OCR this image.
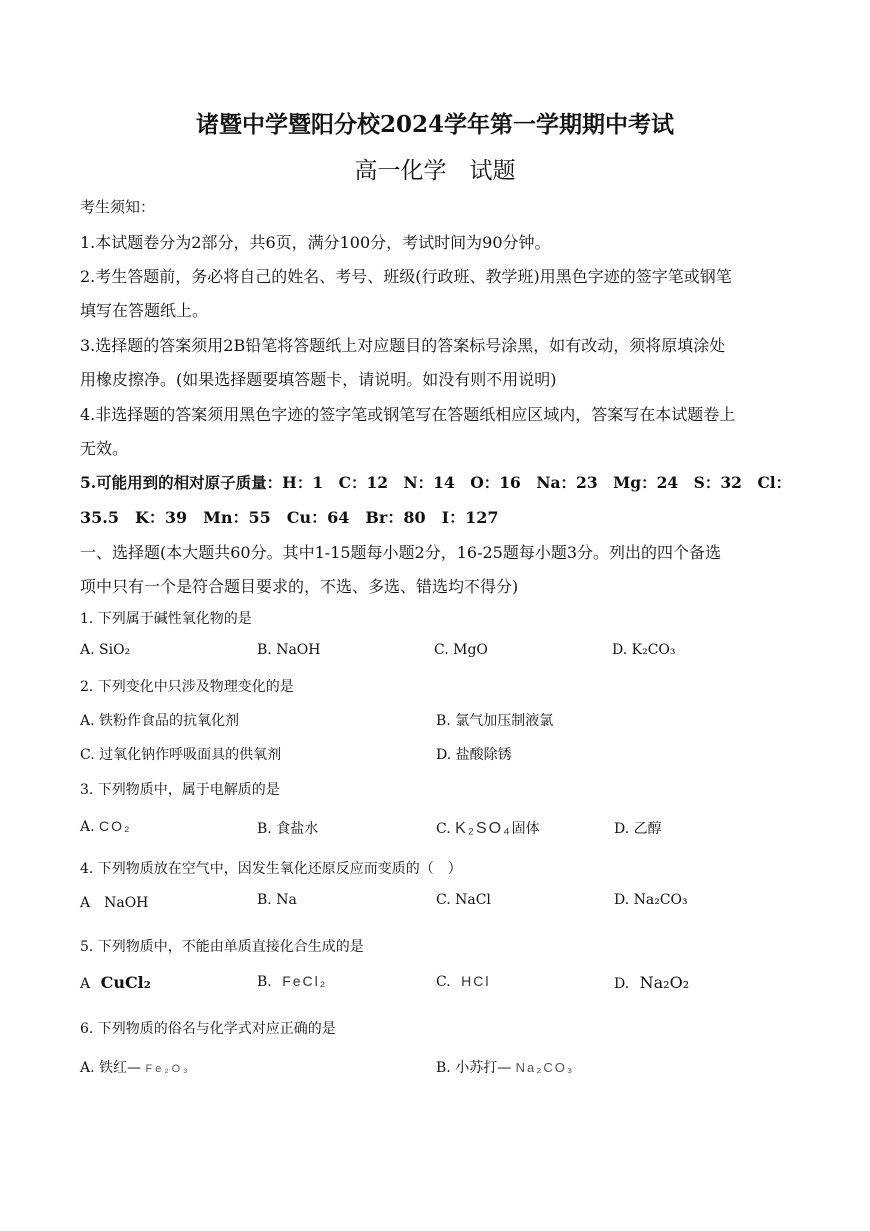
诸暨中学暨阳分校2024学年第一学期期中考试
高一化学　试题
考生须知：
1.本试题卷分为2部分，共6页，满分100分，考试时间为90分钟。
2.考生答题前，务必将自己的姓名、考号、班级(行政班、教学班)用黑色字迹的签字笔或钢笔
填写在答题纸上。
3.选择题的答案须用2B铅笔将答题纸上对应题目的答案标号涂黑，如有改动，须将原填涂处
用橡皮擦净。(如果选择题要填答题卡，请说明。如没有则不用说明)
4.非选择题的答案须用黑色字迹的签字笔或钢笔写在答题纸相应区域内，答案写在本试题卷上
无效。
5.可能用到的相对原子质量：H：1　C：12　N：14　O：16　Na：23　Mg：24　S：32　Cl：
35.5　K：39　Mn：55　Cu：64　Br：80　I：127
一、选择题(本大题共60分。其中1-15题每小题2分，16-25题每小题3分。列出的四个备选
项中只有一个是符合题目要求的，不选、多选、错选均不得分)
1. 下列属于碱性氧化物的是
A. SiO₂	B. NaOH	C. MgO	D. K₂CO₃
2. 下列变化中只涉及物理变化的是
A. 铁粉作食品的抗氧化剂	B. 氯气加压制液氯
C. 过氧化钠作呼吸面具的供氧剂	D. 盐酸除锈
3. 下列物质中，属于电解质的是
A. CO₂	B. 食盐水	C. K₂SO₄固体	D. 乙醇
4. 下列物质放在空气中，因发生氧化还原反应而变质的（　）
A　NaOH	B. Na	C. NaCl	D. Na₂CO₃
5. 下列物质中，不能由单质直接化合生成的是
A CuCl₂	B. FeCl₂	C. HCl	D. Na₂O₂
6. 下列物质的俗名与化学式对应正确的是
A. 铁红— Fe₂O₃	B. 小苏打— Na₂CO₃
